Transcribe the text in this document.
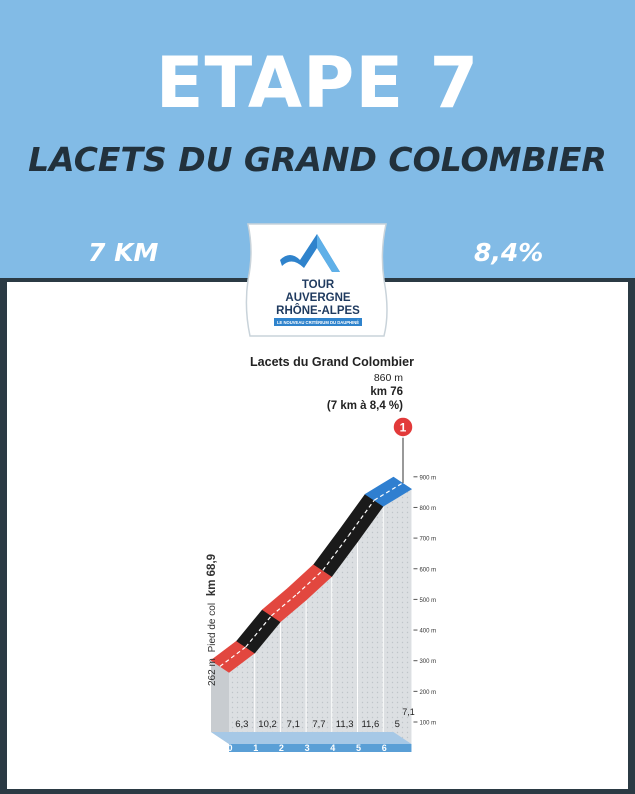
ETAPE 7
LACETS DU GRAND COLOMBIER
7 KM	8,4%
TOUR
AUVERGNE
RHÔNE-ALPES
LE NOUVEAU CRITÉRIUM DU DAUPHINÉ
100 m
200 m
300 m
400 m
500 m
600 m
700 m
800 m
900 m
0 1 2 3 4 5 6
7,1
6,3 10,2 7,1 7,7 11,3 11,6 5
Lacets du Grand Colombier
860 m
km 76
(7 km à 8,4 %)
1
262 m Pied de col km 68,9
